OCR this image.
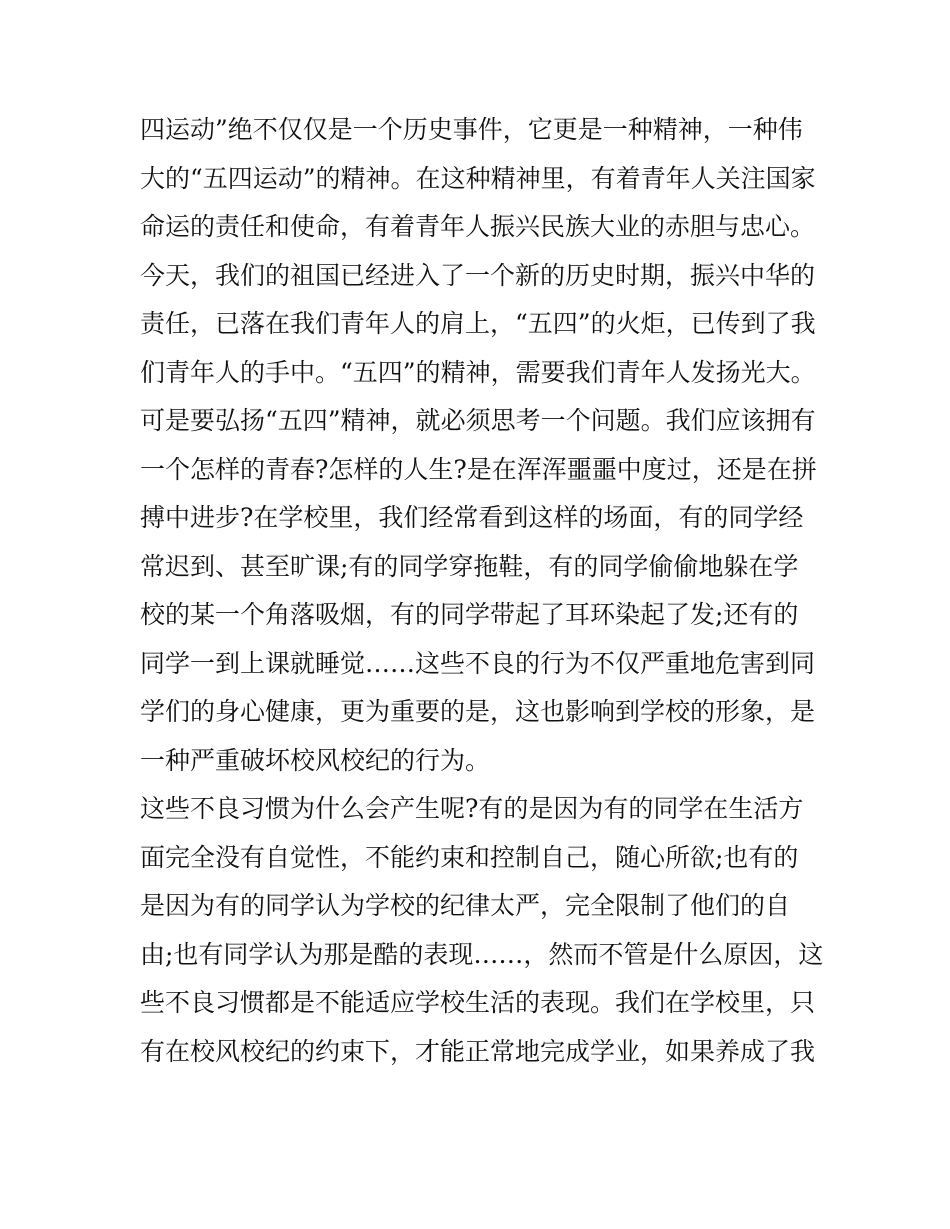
四运动”绝不仅仅是一个历史事件，它更是一种精神，一种伟
大的“五四运动”的精神。在这种精神里，有着青年人关注国家
命运的责任和使命，有着青年人振兴民族大业的赤胆与忠心。
今天，我们的祖国已经进入了一个新的历史时期，振兴中华的
责任，已落在我们青年人的肩上，“五四”的火炬，已传到了我
们青年人的手中。“五四”的精神，需要我们青年人发扬光大。
可是要弘扬“五四”精神，就必须思考一个问题。我们应该拥有
一个怎样的青春?怎样的人生?是在浑浑噩噩中度过，还是在拼
搏中进步?在学校里，我们经常看到这样的场面，有的同学经
常迟到、甚至旷课;有的同学穿拖鞋，有的同学偷偷地躲在学
校的某一个角落吸烟，有的同学带起了耳环染起了发;还有的
同学一到上课就睡觉……这些不良的行为不仅严重地危害到同
学们的身心健康，更为重要的是，这也影响到学校的形象，是
一种严重破坏校风校纪的行为。
这些不良习惯为什么会产生呢?有的是因为有的同学在生活方
面完全没有自觉性，不能约束和控制自己，随心所欲;也有的
是因为有的同学认为学校的纪律太严，完全限制了他们的自
由;也有同学认为那是酷的表现……，然而不管是什么原因，这
些不良习惯都是不能适应学校生活的表现。我们在学校里，只
有在校风校纪的约束下，才能正常地完成学业，如果养成了我
